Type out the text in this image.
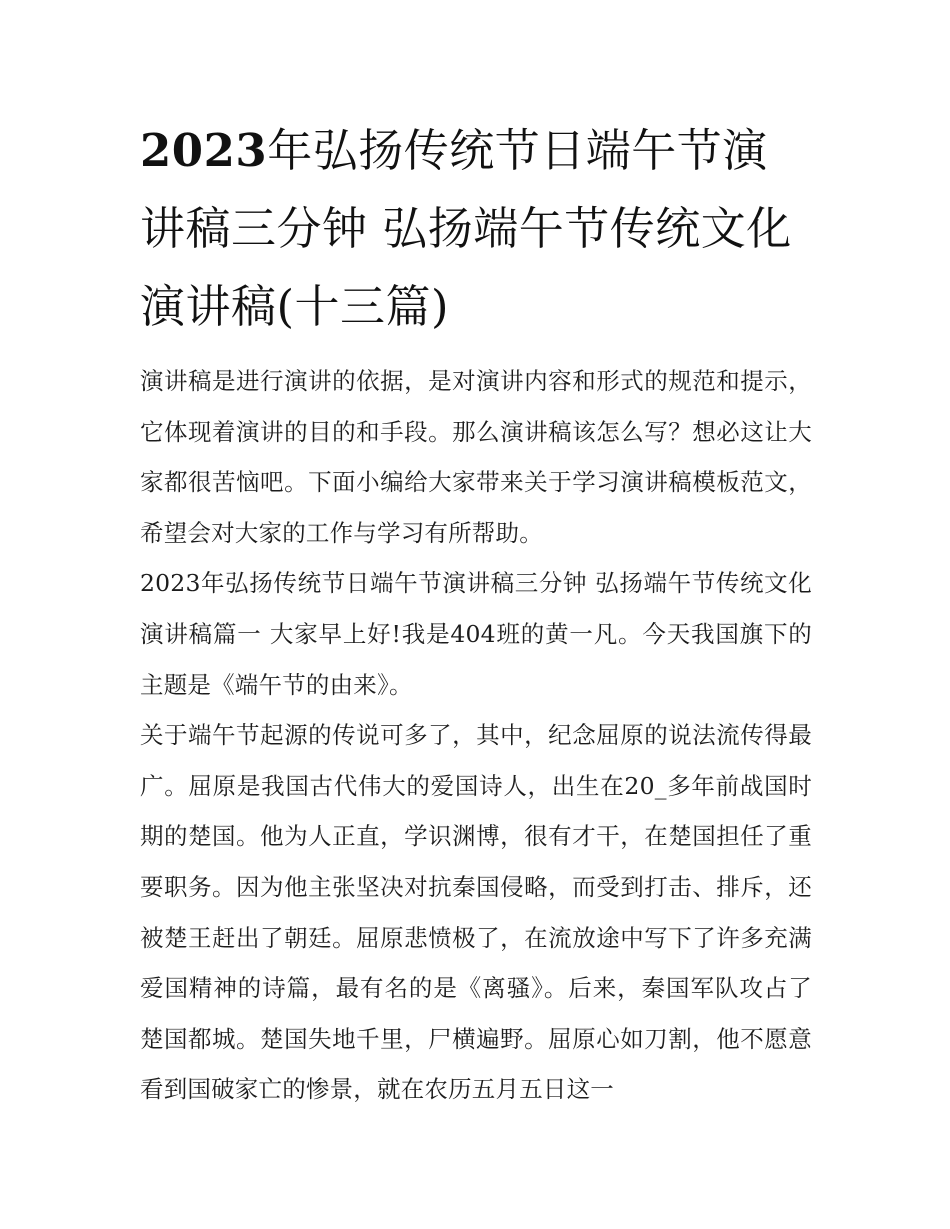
2023年弘扬传统节日端午节演讲稿三分钟 弘扬端午节传统文化演讲稿(十三篇)

演讲稿是进行演讲的依据，是对演讲内容和形式的规范和提示，它体现着演讲的目的和手段。那么演讲稿该怎么写？想必这让大家都很苦恼吧。下面小编给大家带来关于学习演讲稿模板范文，希望会对大家的工作与学习有所帮助。

2023年弘扬传统节日端午节演讲稿三分钟 弘扬端午节传统文化演讲稿篇一 大家早上好!我是404班的黄一凡。今天我国旗下的主题是《端午节的由来》。

关于端午节起源的传说可多了，其中，纪念屈原的说法流传得最广。屈原是我国古代伟大的爱国诗人，出生在20_多年前战国时期的楚国。他为人正直，学识渊博，很有才干，在楚国担任了重要职务。因为他主张坚决对抗秦国侵略，而受到打击、排斥，还被楚王赶出了朝廷。屈原悲愤极了，在流放途中写下了许多充满爱国精神的诗篇，最有名的是《离骚》。后来，秦国军队攻占了楚国都城。楚国失地千里，尸横遍野。屈原心如刀割，他不愿意看到国破家亡的惨景，就在农历五月五日这一
